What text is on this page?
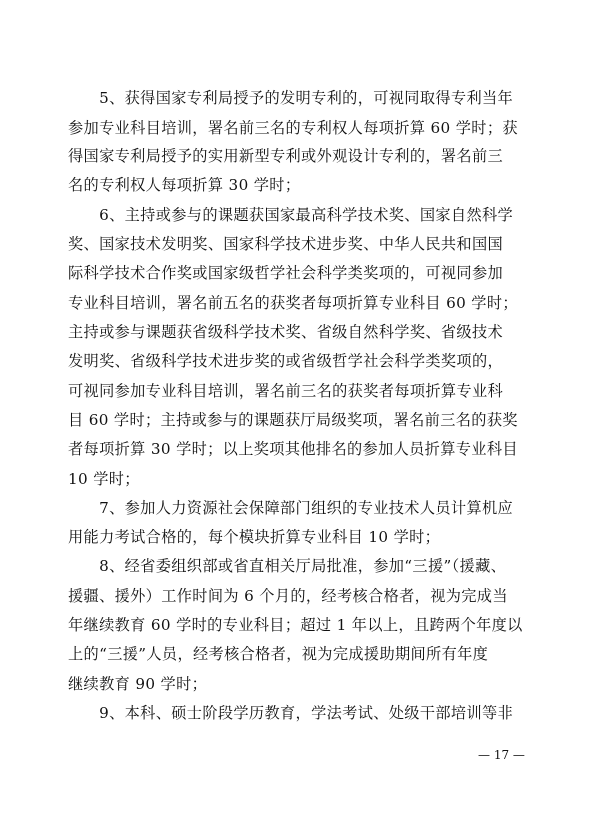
　　5、获得国家专利局授予的发明专利的，可视同取得专利当年
参加专业科目培训，署名前三名的专利权人每项折算 60 学时；获
得国家专利局授予的实用新型专利或外观设计专利的，署名前三
名的专利权人每项折算 30 学时；
　　6、主持或参与的课题获国家最高科学技术奖、国家自然科学
奖、国家技术发明奖、国家科学技术进步奖、中华人民共和国国
际科学技术合作奖或国家级哲学社会科学类奖项的，可视同参加
专业科目培训，署名前五名的获奖者每项折算专业科目 60 学时；
主持或参与课题获省级科学技术奖、省级自然科学奖、省级技术
发明奖、省级科学技术进步奖的或省级哲学社会科学类奖项的，
可视同参加专业科目培训，署名前三名的获奖者每项折算专业科
目 60 学时；主持或参与的课题获厅局级奖项，署名前三名的获奖
者每项折算 30 学时；以上奖项其他排名的参加人员折算专业科目
10 学时；
　　7、参加人力资源社会保障部门组织的专业技术人员计算机应
用能力考试合格的，每个模块折算专业科目 10 学时；
　　8、经省委组织部或省直相关厅局批准，参加“三援”（援藏、
援疆、援外）工作时间为 6 个月的，经考核合格者，视为完成当
年继续教育 60 学时的专业科目；超过 1 年以上，且跨两个年度以
上的“三援”人员，经考核合格者，视为完成援助期间所有年度
继续教育 90 学时；
　　9、本科、硕士阶段学历教育，学法考试、处级干部培训等非
— 17 —
